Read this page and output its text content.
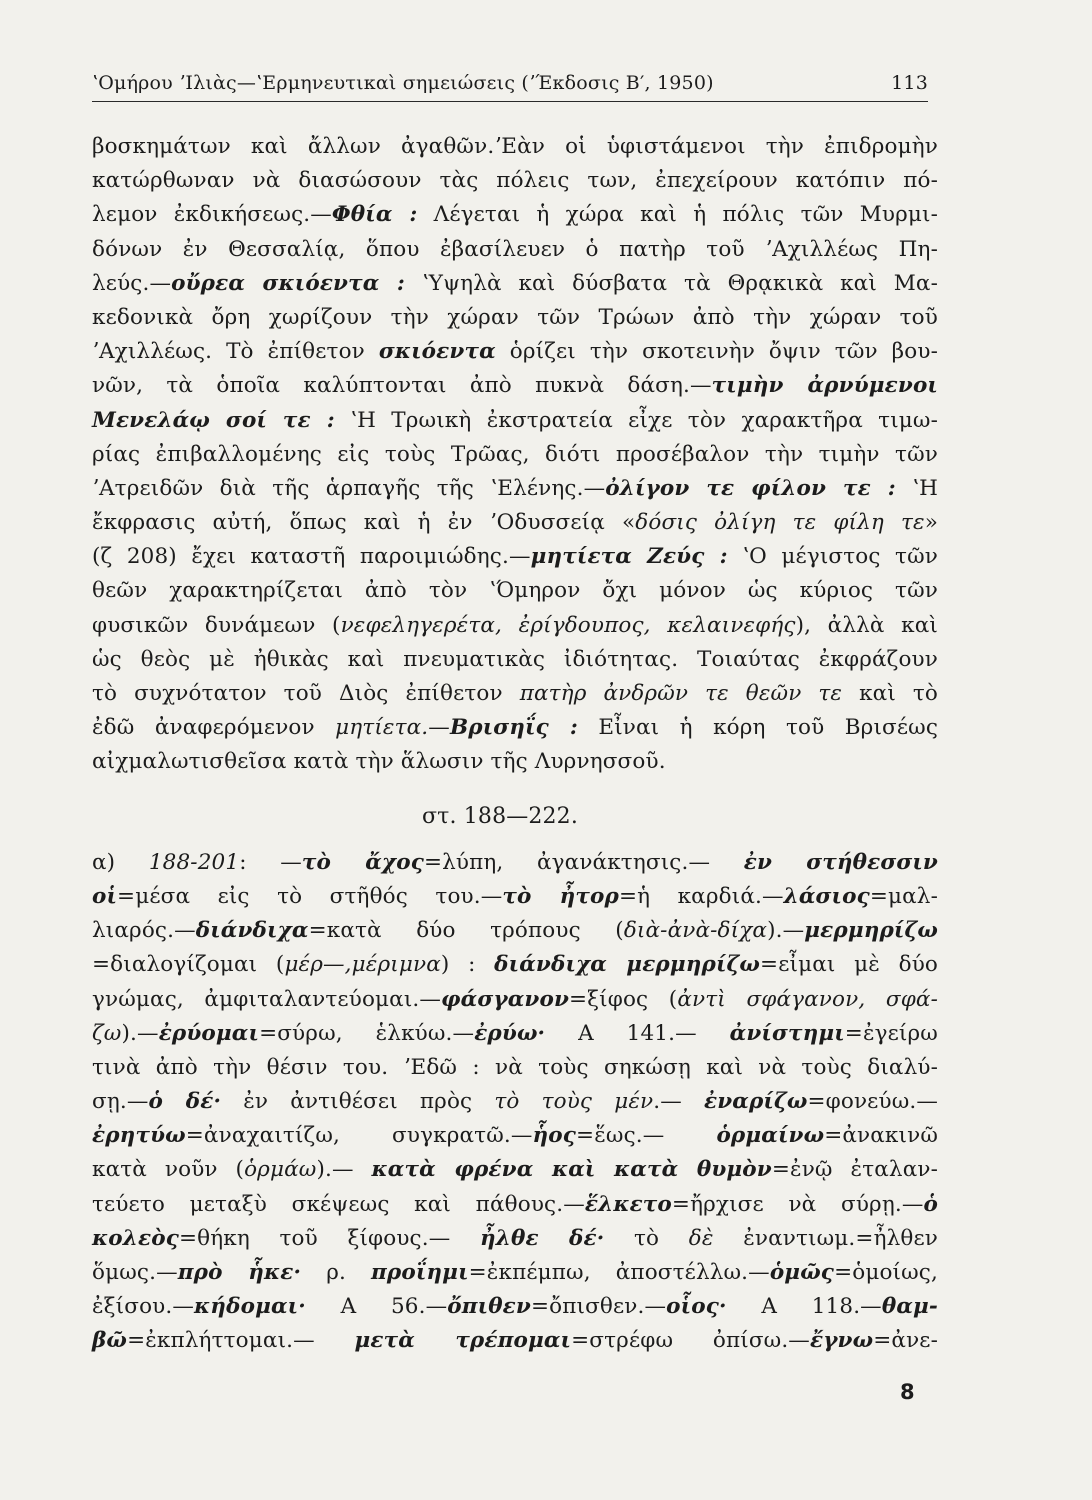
ʽΟμήρου ʼΙλιὰς—ʽΕρμηνευτικαὶ σημειώσεις (ʼΈκδοσις Β′, 1950)	113
βοσκημάτων καὶ ἄλλων ἀγαθῶν.ʼΕὰν οἱ ὑφιστάμενοι τὴν ἐπιδρομὴν
κατώρθωναν νὰ διασώσουν τὰς πόλεις των, ἐπεχείρουν κατόπιν πό-
λεμον ἐκδικήσεως.—Φθία : Λέγεται ἡ χώρα καὶ ἡ πόλις τῶν Μυρμι-
δόνων ἐν Θεσσαλίᾳ, ὅπου ἐβασίλευεν ὁ πατὴρ τοῦ ʼΑχιλλέως Πη-
λεύς.—οὔρεα σκιόεντα : ʽΥψηλὰ καὶ δύσβατα τὰ Θρᾳκικὰ καὶ Μα-
κεδονικὰ ὄρη χωρίζουν τὴν χώραν τῶν Τρώων ἀπὸ τὴν χώραν τοῦ
ʼΑχιλλέως. Τὸ ἐπίθετον σκιόεντα ὁρίζει τὴν σκοτεινὴν ὄψιν τῶν βου-
νῶν, τὰ ὁποῖα καλύπτονται ἀπὸ πυκνὰ δάση.—τιμὴν ἀρνύμενοι
Μενελάῳ σοί τε : ʽΗ Τρωικὴ ἐκστρατεία εἶχε τὸν χαρακτῆρα τιμω-
ρίας ἐπιβαλλομένης εἰς τοὺς Τρῶας, διότι προσέβαλον τὴν τιμὴν τῶν
ʼΑτρειδῶν διὰ τῆς ἁρπαγῆς τῆς ʽΕλένης.—ὀλίγον τε φίλον τε : ʽΗ
ἔκφρασις αὐτή, ὅπως καὶ ἡ ἐν ʼΟδυσσείᾳ «δόσις ὀλίγη τε φίλη τε»
(ζ 208) ἔχει καταστῆ παροιμιώδης.—μητίετα Ζεύς : ʽΟ μέγιστος τῶν
θεῶν χαρακτηρίζεται ἀπὸ τὸν ʽΌμηρον ὄχι μόνον ὡς κύριος τῶν
φυσικῶν δυνάμεων (νεφεληγερέτα, ἐρίγδουπος, κελαινεφής), ἀλλὰ καὶ
ὡς θεὸς μὲ ἠθικὰς καὶ πνευματικὰς ἰδιότητας. Τοιαύτας ἐκφράζουν
τὸ συχνότατον τοῦ Διὸς ἐπίθετον πατὴρ ἀνδρῶν τε θεῶν τε καὶ τὸ
ἐδῶ ἀναφερόμενον μητίετα.—Βρισηΐς : Εἶναι ἡ κόρη τοῦ Βρισέως
αἰχμαλωτισθεῖσα κατὰ τὴν ἅλωσιν τῆς Λυρνησσοῦ.
στ. 188—222.
α) 188-201: —τὸ ἄχος=λύπη, ἀγανάκτησις.— ἐν στήθεσσιν
οἱ=μέσα εἰς τὸ στῆθός του.—τὸ ἦτορ=ἡ καρδιά.—λάσιος=μαλ-
λιαρός.—διάνδιχα=κατὰ δύο τρόπους (διὰ-ἀνὰ-δίχα).—μερμηρίζω
=διαλογίζομαι (μέρ—,μέριμνα) : διάνδιχα μερμηρίζω=εἶμαι μὲ δύο
γνώμας, ἀμφιταλαντεύομαι.—φάσγανον=ξίφος (ἀντὶ σφάγανον, σφά-
ζω).—ἐρύομαι=σύρω, ἑλκύω.—ἐρύω· Α 141.— ἀνίστημι=ἐγείρω
τινὰ ἀπὸ τὴν θέσιν του. ʼΕδῶ : νὰ τοὺς σηκώσῃ καὶ νὰ τοὺς διαλύ-
σῃ.—ὁ δέ· ἐν ἀντιθέσει πρὸς τὸ τοὺς μέν.— ἐναρίζω=φονεύω.—
ἐρητύω=ἀναχαιτίζω, συγκρατῶ.—ἧος=ἕως.— ὁρμαίνω=ἀνακινῶ
κατὰ νοῦν (ὁρμάω).— κατὰ φρένα καὶ κατὰ θυμὸν=ἐνῷ ἐταλαν-
τεύετο μεταξὺ σκέψεως καὶ πάθους.—ἕλκετο=ἤρχισε νὰ σύρῃ.—ὁ
κολεὸς=θήκη τοῦ ξίφους.— ἦλθε δέ· τὸ δὲ ἐναντιωμ.=ἦλθεν
ὅμως.—πρὸ ἧκε· ρ. προΐημι=ἐκπέμπω, ἀποστέλλω.—ὁμῶς=ὁμοίως,
ἐξίσου.—κήδομαι· Α 56.—ὄπιθεν=ὄπισθεν.—οἷος· Α 118.—θαμ-
βῶ=ἐκπλήττομαι.— μετὰ τρέπομαι=στρέφω ὀπίσω.—ἔγνω=ἀνε-
8
